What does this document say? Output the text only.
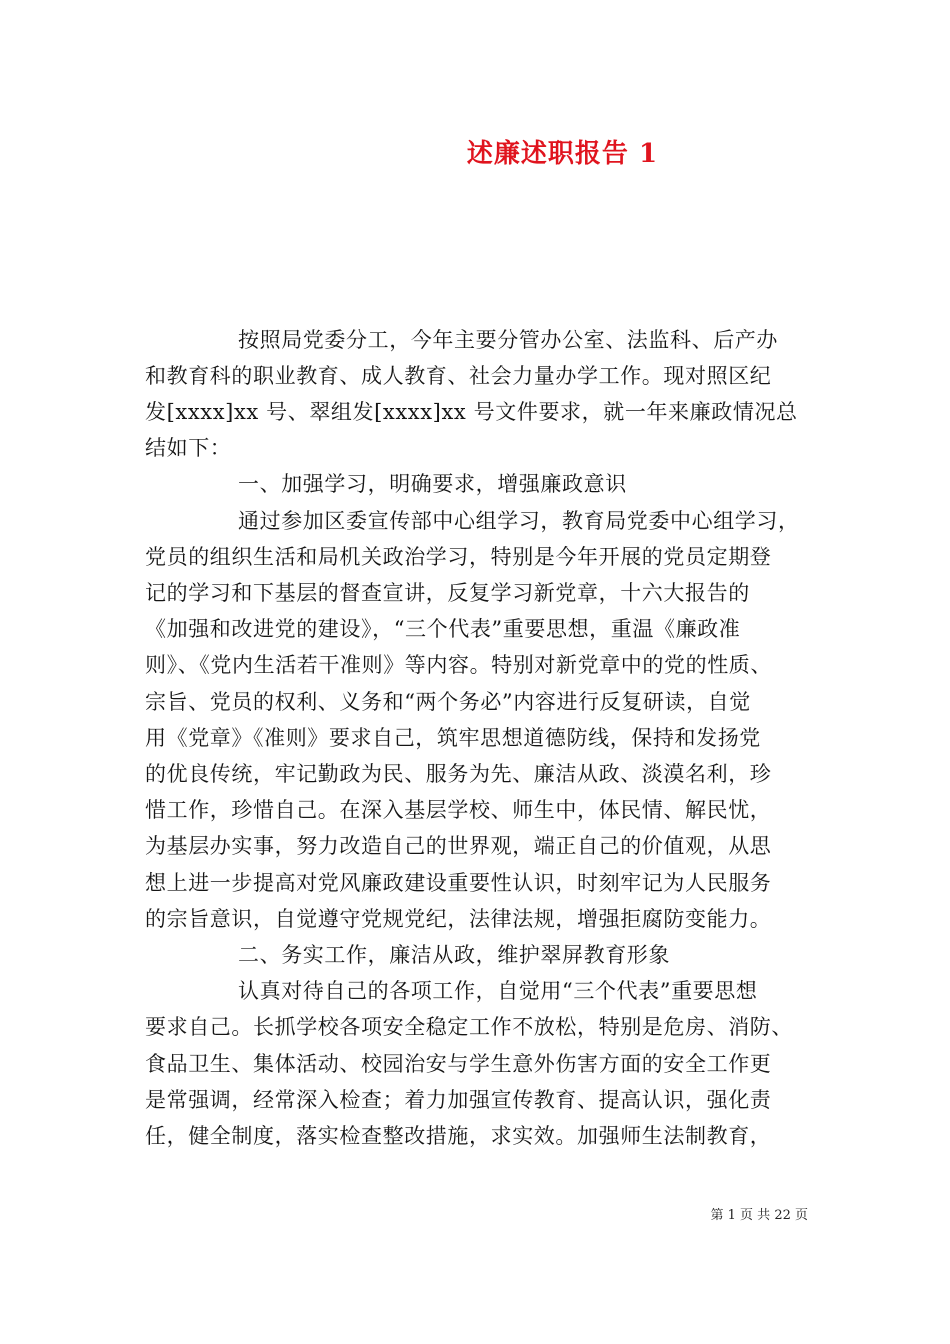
述廉述职报告 1
按照局党委分工，今年主要分管办公室、法监科、后产办
和教育科的职业教育、成人教育、社会力量办学工作。现对照区纪
发[xxxx]xx 号、翠组发[xxxx]xx 号文件要求，就一年来廉政情况总
结如下：
一、加强学习，明确要求，增强廉政意识
通过参加区委宣传部中心组学习，教育局党委中心组学习，
党员的组织生活和局机关政治学习，特别是今年开展的党员定期登
记的学习和下基层的督查宣讲，反复学习新党章，十六大报告的
《加强和改进党的建设》，“三个代表”重要思想，重温《廉政准
则》、《党内生活若干准则》等内容。特别对新党章中的党的性质、
宗旨、党员的权利、义务和“两个务必”内容进行反复研读，自觉
用《党章》《准则》要求自己，筑牢思想道德防线，保持和发扬党
的优良传统，牢记勤政为民、服务为先、廉洁从政、淡漠名利，珍
惜工作，珍惜自己。在深入基层学校、师生中，体民情、解民忧，
为基层办实事，努力改造自己的世界观，端正自己的价值观，从思
想上进一步提高对党风廉政建设重要性认识，时刻牢记为人民服务
的宗旨意识，自觉遵守党规党纪，法律法规，增强拒腐防变能力。
二、务实工作，廉洁从政，维护翠屏教育形象
认真对待自己的各项工作，自觉用“三个代表”重要思想
要求自己。长抓学校各项安全稳定工作不放松，特别是危房、消防、
食品卫生、集体活动、校园治安与学生意外伤害方面的安全工作更
是常强调，经常深入检查；着力加强宣传教育、提高认识，强化责
任，健全制度，落实检查整改措施，求实效。加强师生法制教育，
第 1 页 共 22 页
